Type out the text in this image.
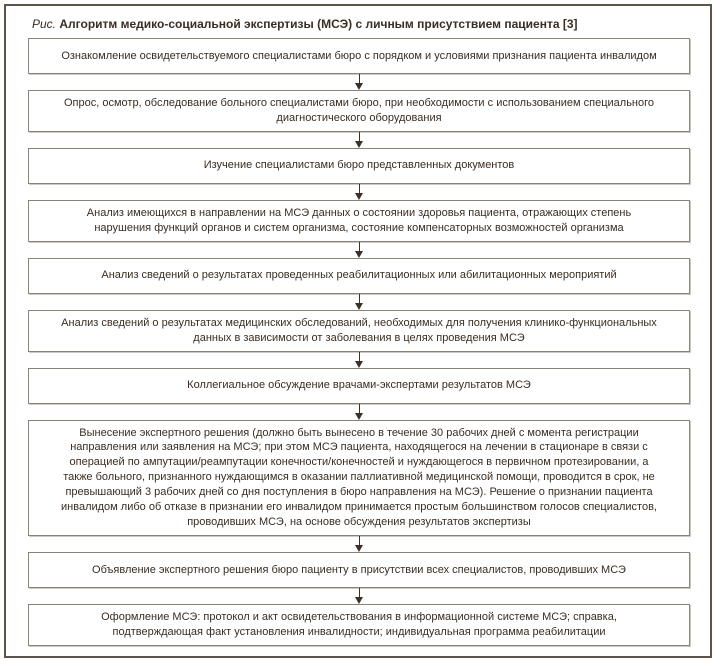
Рис. Алгоритм медико-социальной экспертизы (МСЭ) с личным присутствием пациента [3]
Ознакомление освидетельствуемого специалистами бюро с порядком и условиями признания пациента инвалидом
Опрос, осмотр, обследование больного специалистами бюро, при необходимости с использованием специального диагностического оборудования
Изучение специалистами бюро представленных документов
Анализ имеющихся в направлении на МСЭ данных о состоянии здоровья пациента, отражающих степень нарушения функций органов и систем организма, состояние компенсаторных возможностей организма
Анализ сведений о результатах проведенных реабилитационных или абилитационных мероприятий
Анализ сведений о результатах медицинских обследований, необходимых для получения клинико-функциональных данных в зависимости от заболевания в целях проведения МСЭ
Коллегиальное обсуждение врачами-экспертами результатов МСЭ
Вынесение экспертного решения (должно быть вынесено в течение 30 рабочих дней с момента регистрации направления или заявления на МСЭ; при этом МСЭ пациента, находящегося на лечении в стационаре в связи с операцией по ампутации/реампутации конечности/конечностей и нуждающегося в первичном протезировании, а также больного, признанного нуждающимся в оказании паллиативной медицинской помощи, проводится в срок, не превышающий 3 рабочих дней со дня поступления в бюро направления на МСЭ). Решение о признании пациента инвалидом либо об отказе в признании его инвалидом принимается простым большинством голосов специалистов, проводивших МСЭ, на основе обсуждения результатов экспертизы
Объявление экспертного решения бюро пациенту в присутствии всех специалистов, проводивших МСЭ
Оформление МСЭ: протокол и акт освидетельствования в информационной системе МСЭ; справка, подтверждающая факт установления инвалидности; индивидуальная программа реабилитации
